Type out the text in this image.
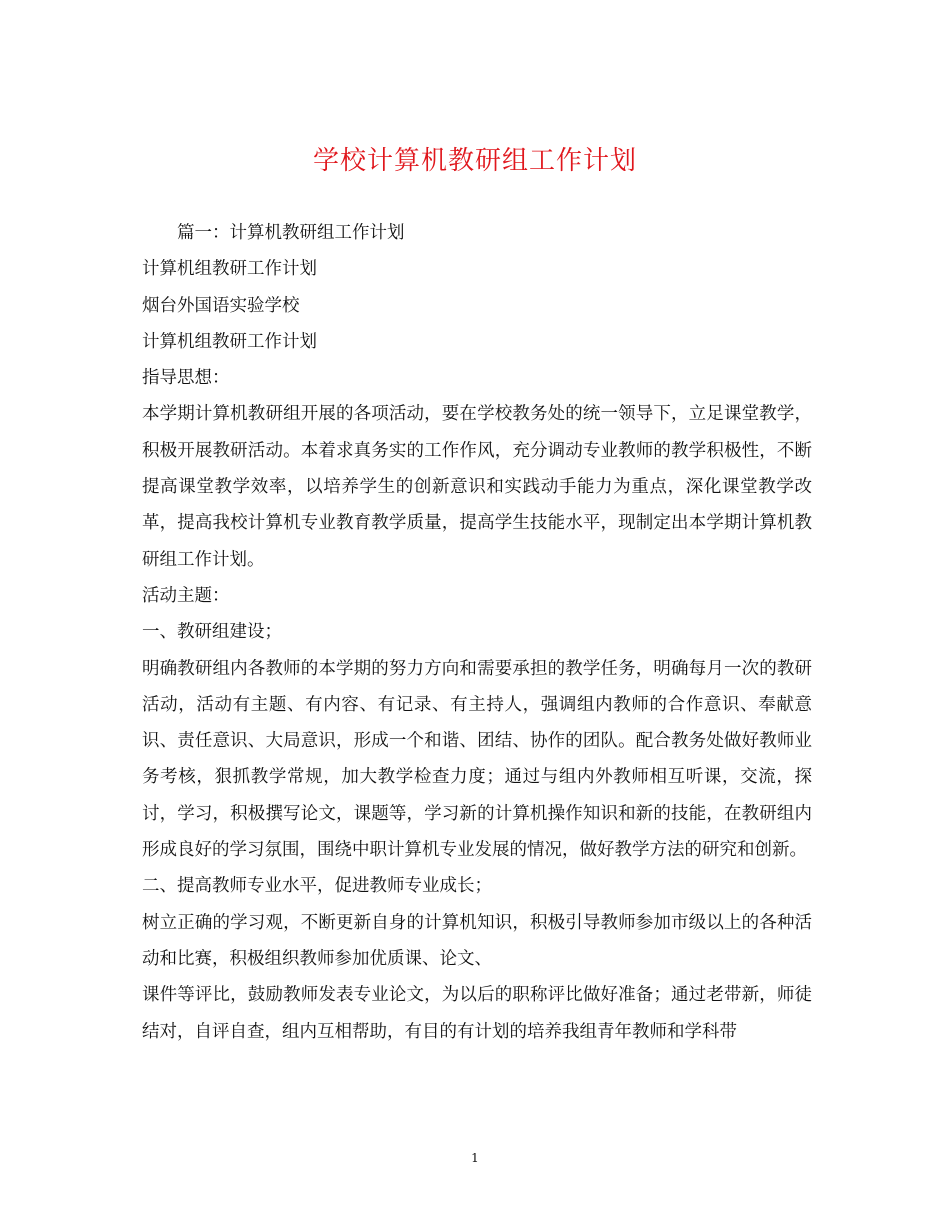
学校计算机教研组工作计划

篇一：计算机教研组工作计划

计算机组教研工作计划

烟台外国语实验学校

计算机组教研工作计划

指导思想：

本学期计算机教研组开展的各项活动，要在学校教务处的统一领导下，立足课堂教学，积极开展教研活动。本着求真务实的工作作风，充分调动专业教师的教学积极性，不断提高课堂教学效率，以培养学生的创新意识和实践动手能力为重点，深化课堂教学改革，提高我校计算机专业教育教学质量，提高学生技能水平，现制定出本学期计算机教研组工作计划。

活动主题：

一、教研组建设；

明确教研组内各教师的本学期的努力方向和需要承担的教学任务，明确每月一次的教研活动，活动有主题、有内容、有记录、有主持人，强调组内教师的合作意识、奉献意识、责任意识、大局意识，形成一个和谐、团结、协作的团队。配合教务处做好教师业务考核，狠抓教学常规，加大教学检查力度；通过与组内外教师相互听课，交流，探讨，学习，积极撰写论文，课题等，学习新的计算机操作知识和新的技能，在教研组内形成良好的学习氛围，围绕中职计算机专业发展的情况，做好教学方法的研究和创新。

二、提高教师专业水平，促进教师专业成长；

树立正确的学习观，不断更新自身的计算机知识，积极引导教师参加市级以上的各种活动和比赛，积极组织教师参加优质课、论文、

课件等评比，鼓励教师发表专业论文，为以后的职称评比做好准备；通过老带新，师徒结对，自评自查，组内互相帮助，有目的有计划的培养我组青年教师和学科带

1
